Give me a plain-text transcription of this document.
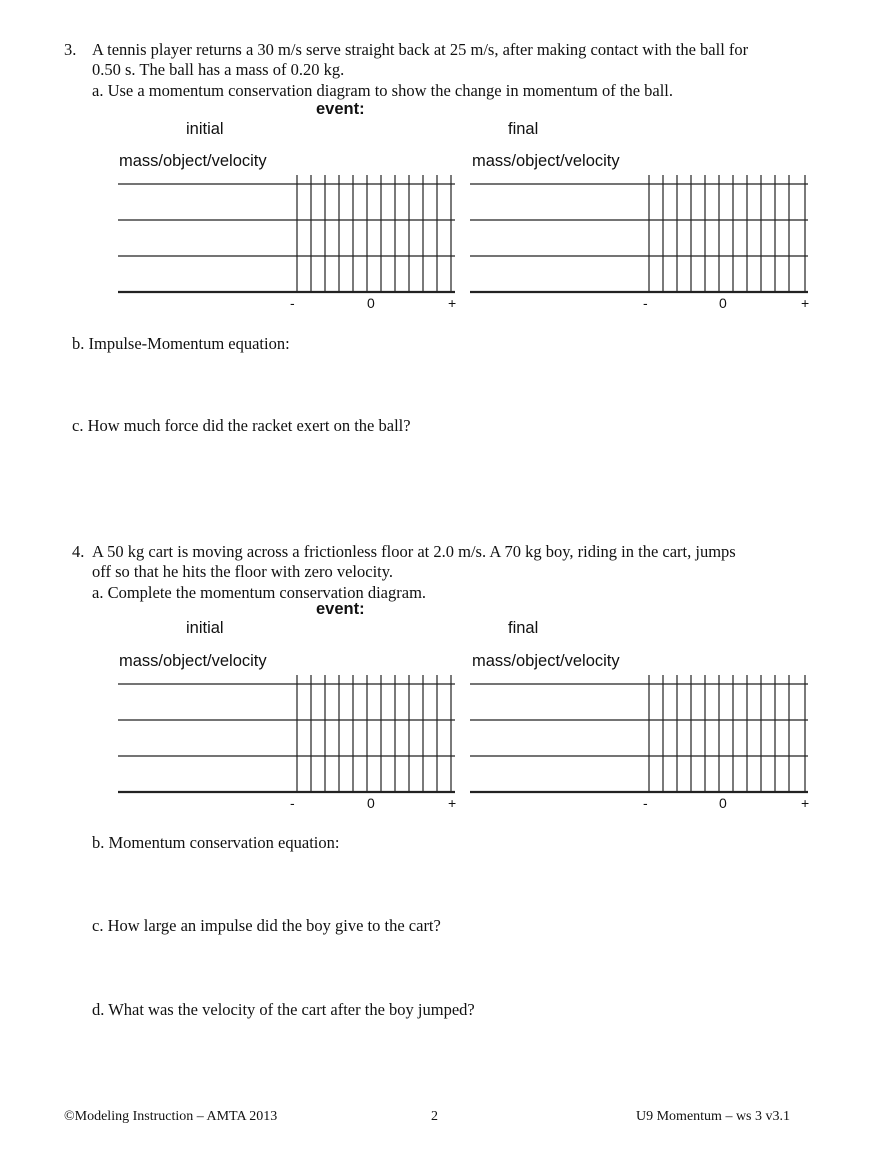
3. A tennis player returns a 30 m/s serve straight back at 25 m/s, after making contact with the ball for
0.50 s. The ball has a mass of 0.20 kg.
a. Use a momentum conservation diagram to show the change in momentum of the ball.
event:
initial	final
mass/object/velocity	mass/object/velocity
-	0	+	-	0	+
b. Impulse-Momentum equation:
c. How much force did the racket exert on the ball?
4. A 50 kg cart is moving across a frictionless floor at 2.0 m/s. A 70 kg boy, riding in the cart, jumps
off so that he hits the floor with zero velocity.
a. Complete the momentum conservation diagram.
event:
initial	final
mass/object/velocity	mass/object/velocity
-	0	+	-	0	+
b. Momentum conservation equation:
c. How large an impulse did the boy give to the cart?
d. What was the velocity of the cart after the boy jumped?
©Modeling Instruction – AMTA 2013	2	U9 Momentum – ws 3 v3.1
